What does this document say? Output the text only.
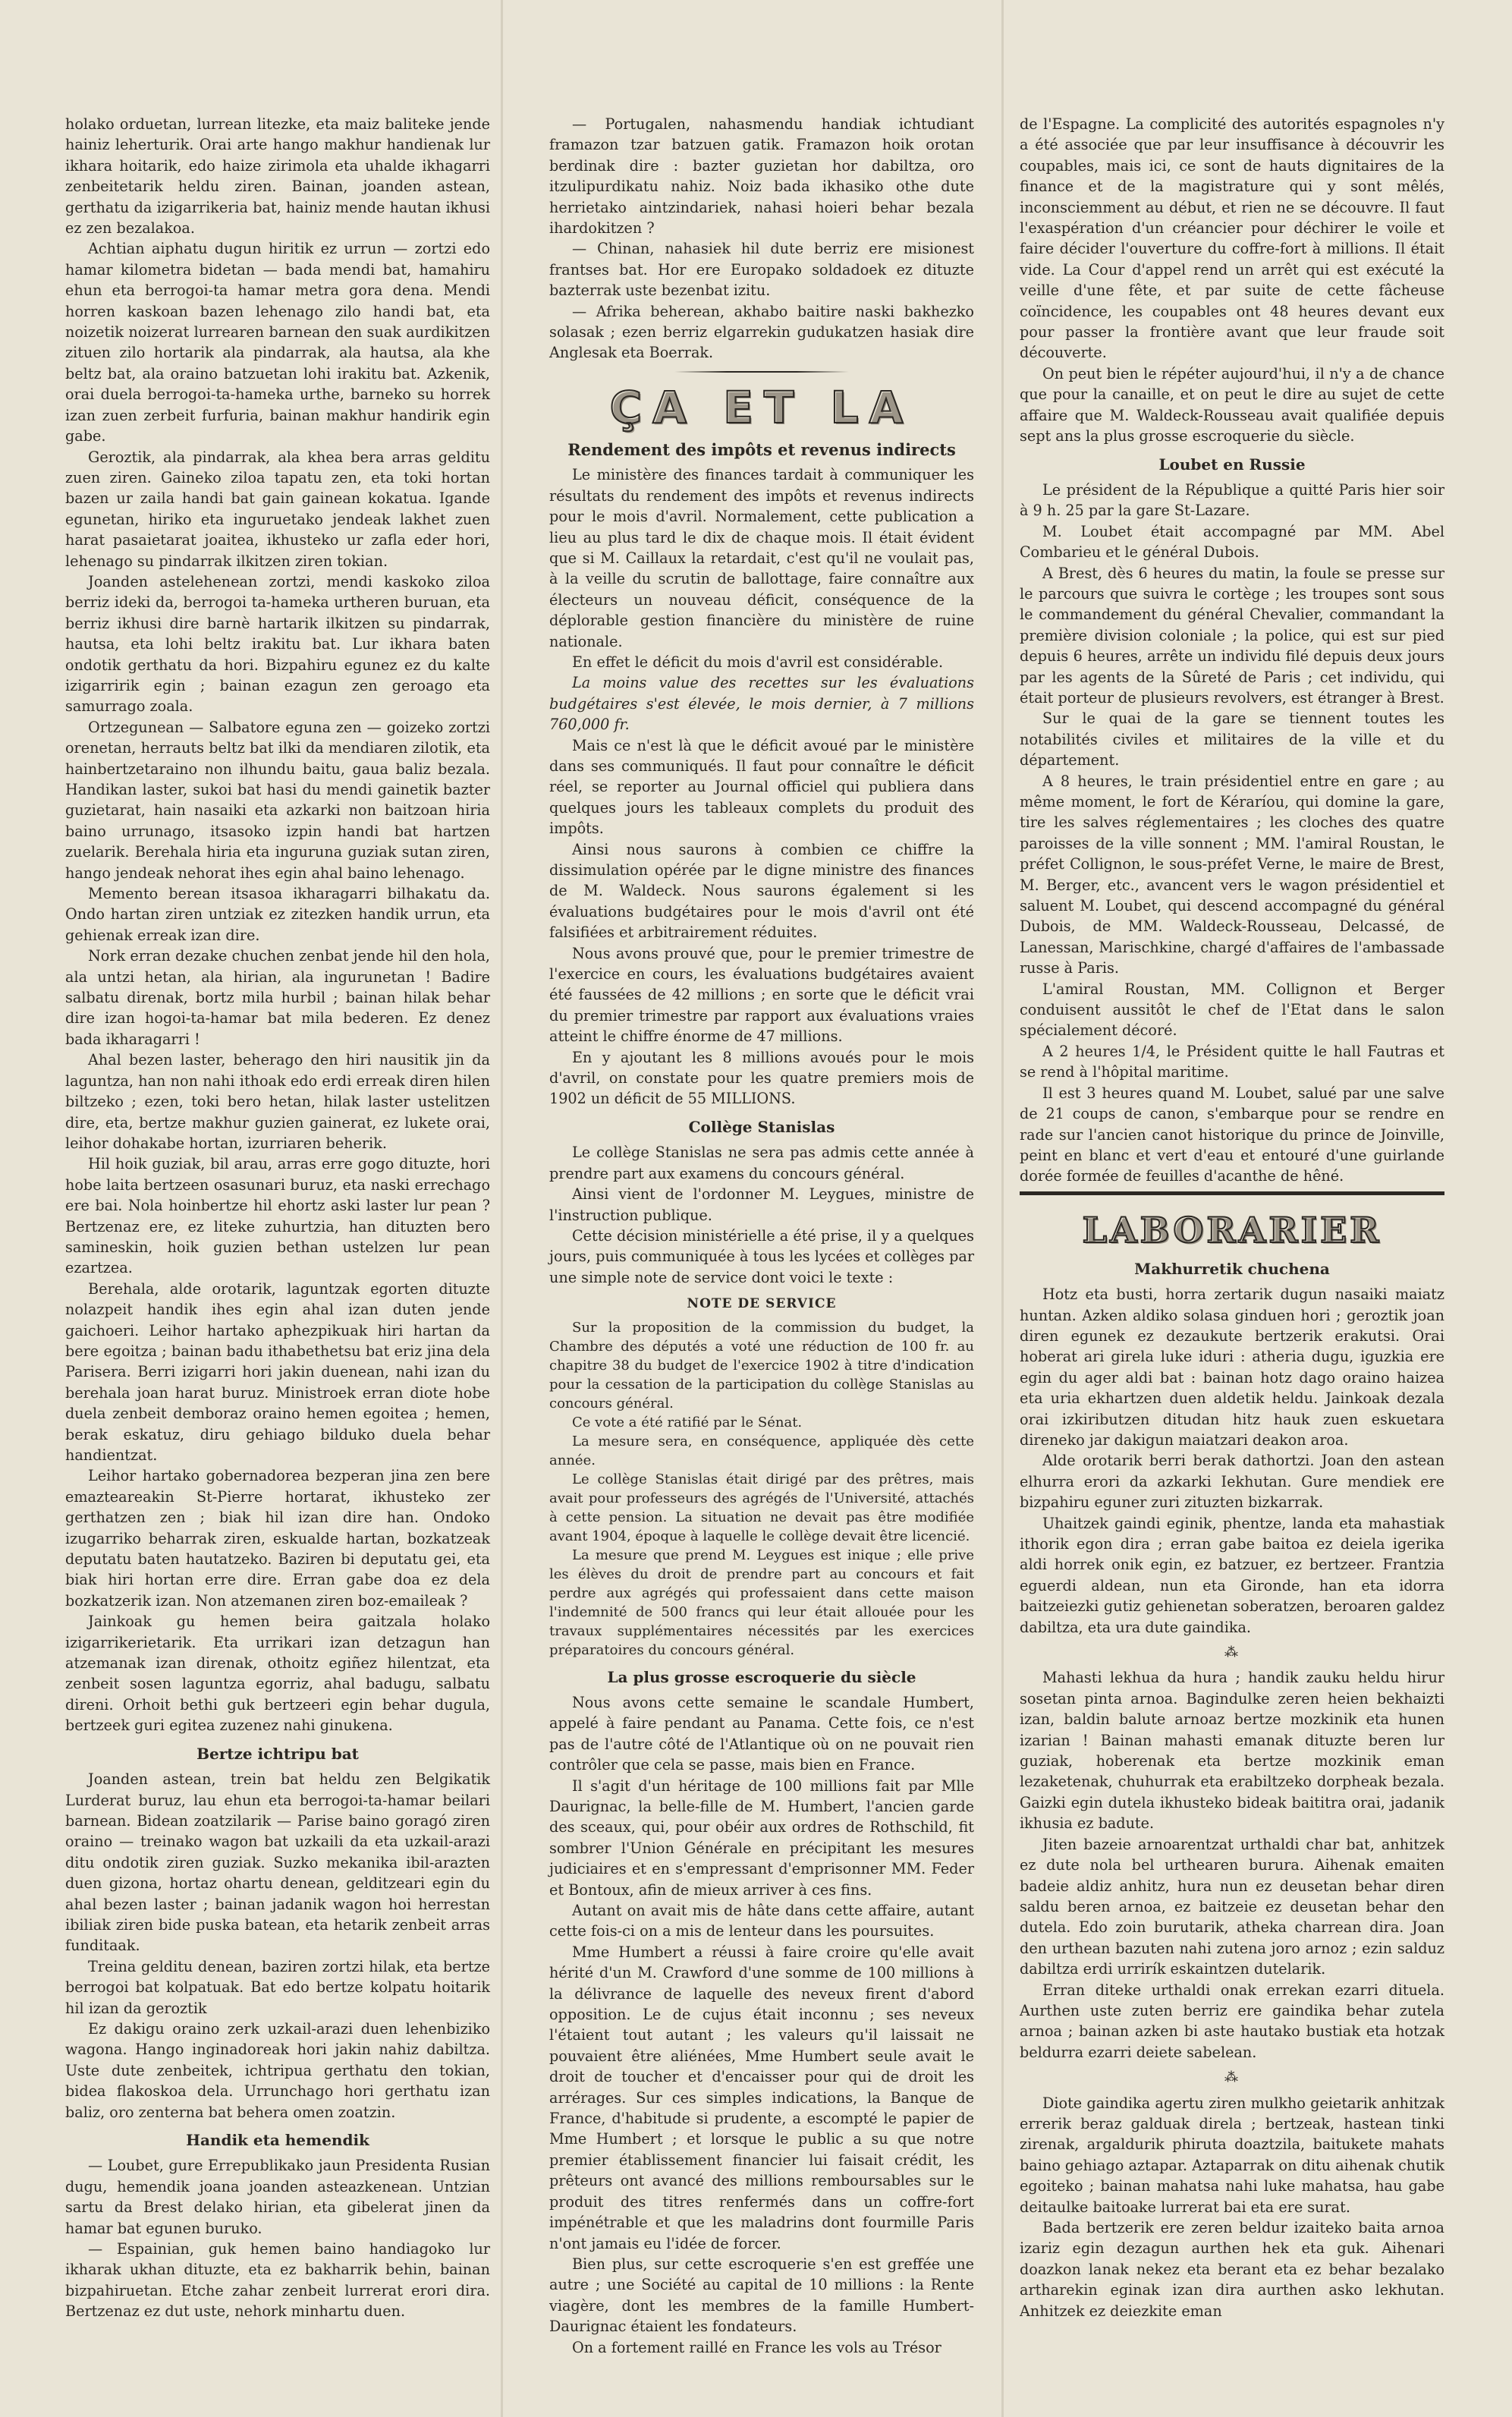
holako orduetan, lurrean litezke, eta maiz baliteke jende hainiz leherturik. Orai arte hango makhur handienak lur ikhara hoitarik, edo haize zirimola eta uhalde ikhagarri zenbeitetarik heldu ziren. Bainan, joanden astean, gerthatu da izigarrikeria bat, hainiz mende hautan ikhusi ez zen bezalakoa.

Achtian aiphatu dugun hiritik ez urrun — zortzi edo hamar kilometra bidetan — bada mendi bat, hamahiru ehun eta berrogoi-ta hamar metra gora dena. Mendi horren kaskoan bazen lehenago zilo handi bat, eta noizetik noizerat lurrearen barnean den suak aurdikitzen zituen zilo hortarik ala pindarrak, ala hautsa, ala khe beltz bat, ala oraino batzuetan lohi irakitu bat. Azkenik, orai duela berrogoi-ta-hameka urthe, barneko su horrek izan zuen zerbeit furfuria, bainan makhur handirik egin gabe.

Geroztik, ala pindarrak, ala khea bera arras gelditu zuen ziren. Gaineko ziloa tapatu zen, eta toki hortan bazen ur zaila handi bat gain gainean kokatua. Igande egunetan, hiriko eta inguruetako jendeak lakhet zuen harat pasaietarat joaitea, ikhusteko ur zafla eder hori, lehenago su pindarrak ilkitzen ziren tokian.

Joanden astelehenean zortzi, mendi kaskoko ziloa berriz ideki da, berrogoi ta-hameka urtheren buruan, eta berriz ikhusi dire barnè hartarik ilkitzen su pindarrak, hautsa, eta lohi beltz irakitu bat. Lur ikhara baten ondotik gerthatu da hori. Bizpahiru egunez ez du kalte izigarririk egin ; bainan ezagun zen geroago eta samurrago zoala.

Ortzegunean — Salbatore eguna zen — goizeko zortzi orenetan, herrauts beltz bat ilki da mendiaren zilotik, eta hainbertzetaraino non ilhundu baitu, gaua baliz bezala. Handikan laster, sukoi bat hasi du mendi gainetik bazter guzietarat, hain nasaiki eta azkarki non baitzoan hiria baino urrunago, itsasoko izpin handi bat hartzen zuelarik. Berehala hiria eta inguruna guziak sutan ziren, hango jendeak nehorat ihes egin ahal baino lehenago.

Memento berean itsasoa ikharagarri bilhakatu da. Ondo hartan ziren untziak ez zitezken handik urrun, eta gehienak erreak izan dire.

Nork erran dezake chuchen zenbat jende hil den hola, ala untzi hetan, ala hirian, ala ingurunetan ! Badire salbatu direnak, bortz mila hurbil ; bainan hilak behar dire izan hogoi-ta-hamar bat mila bederen. Ez denez bada ikharagarri !

Ahal bezen laster, beherago den hiri nausitik jin da laguntza, han non nahi ithoak edo erdi erreak diren hilen biltzeko ; ezen, toki bero hetan, hilak laster ustelitzen dire, eta, bertze makhur guzien gainerat, ez lukete orai, leihor dohakabe hortan, izurriaren beherik.

Hil hoik guziak, bil arau, arras erre gogo dituzte, hori hobe laita bertzeen osasunari buruz, eta naski errechago ere bai. Nola hoinbertze hil ehortz aski laster lur pean ? Bertzenaz ere, ez liteke zuhurtzia, han dituzten bero samineskin, hoik guzien bethan ustelzen lur pean ezartzea.

Berehala, alde orotarik, laguntzak egorten dituzte nolazpeit handik ihes egin ahal izan duten jende gaichoeri. Leihor hartako aphezpikuak hiri hartan da bere egoitza ; bainan badu ithabethetsu bat eriz jina dela Parisera. Berri izigarri hori jakin duenean, nahi izan du berehala joan harat buruz. Ministroek erran diote hobe duela zenbeit demboraz oraino hemen egoitea ; hemen, berak eskatuz, diru gehiago bilduko duela behar handientzat.

Leihor hartako gobernadorea bezperan jina zen bere emazteareakin St-Pierre hortarat, ikhusteko zer gerthatzen zen ; biak hil izan dire han. Ondoko izugarriko beharrak ziren, eskualde hartan, bozkatzeak deputatu baten hautatzeko. Baziren bi deputatu gei, eta biak hiri hortan erre dire. Erran gabe doa ez dela bozkatzerik izan. Non atzemanen ziren boz-emaileak ?

Jainkoak gu hemen beira gaitzala holako izigarrikerietarik. Eta urrikari izan detzagun han atzemanak izan direnak, othoitz egiñez hilentzat, eta zenbeit sosen laguntza egorriz, ahal badugu, salbatu direni. Orhoit bethi guk bertzeeri egin behar dugula, bertzeek guri egitea zuzenez nahi ginukena.

Bertze ichtripu bat

Joanden astean, trein bat heldu zen Belgikatik Lurderat buruz, lau ehun eta berrogoi-ta-hamar beilari barnean. Bidean zoatzilarik — Parise baino goragó ziren oraino — treinako wagon bat uzkaili da eta uzkail-arazi ditu ondotik ziren guziak. Suzko mekanika ibil-arazten duen gizona, hortaz ohartu denean, gelditzeari egin du ahal bezen laster ; bainan jadanik wagon hoi herrestan ibiliak ziren bide puska batean, eta hetarik zenbeit arras funditaak.

Treina gelditu denean, baziren zortzi hilak, eta bertze berrogoi bat kolpatuak. Bat edo bertze kolpatu hoitarik hil izan da geroztik

Ez dakigu oraino zerk uzkail-arazi duen lehenbiziko wagona. Hango inginadoreak hori jakin nahiz dabiltza. Uste dute zenbeitek, ichtripua gerthatu den tokian, bidea flakoskoa dela. Urrunchago hori gerthatu izan baliz, oro zenterna bat behera omen zoatzin.

Handik eta hemendik

— Loubet, gure Errepublikako jaun Presidenta Rusian dugu, hemendik joana joanden asteazkenean. Untzian sartu da Brest delako hirian, eta gibelerat jinen da hamar bat egunen buruko.

— Espainian, guk hemen baino handiagoko lur ikharak ukhan dituzte, eta ez bakharrik behin, bainan bizpahiruetan. Etche zahar zenbeit lurrerat erori dira. Bertzenaz ez dut uste, nehork minhartu duen.

— Portugalen, nahasmendu handiak ichtudiant framazon tzar batzuen gatik. Framazon hoik orotan berdinak dire : bazter guzietan hor dabiltza, oro itzulipurdikatu nahiz. Noiz bada ikhasiko othe dute herrietako aintzindariek, nahasi hoieri behar bezala ihardokitzen ?

— Chinan, nahasiek hil dute berriz ere misionest frantses bat. Hor ere Europako soldadoek ez dituzte bazterrak uste bezenbat izitu.

— Afrika beherean, akhabo baitire naski bakhezko solasak ; ezen berriz elgarrekin gudukatzen hasiak dire Anglesak eta Boerrak.

ÇA ET LA
Rendement des impôts et revenus indirects

Le ministère des finances tardait à communiquer les résultats du rendement des impôts et revenus indirects pour le mois d'avril. Normalement, cette publication a lieu au plus tard le dix de chaque mois. Il était évident que si M. Caillaux la retardait, c'est qu'il ne voulait pas, à la veille du scrutin de ballottage, faire connaître aux électeurs un nouveau déficit, conséquence de la déplorable gestion financière du ministère de ruine nationale.

En effet le déficit du mois d'avril est considérable.

La moins value des recettes sur les évaluations budgétaires s'est élevée, le mois dernier, à 7 millions 760,000 fr.

Mais ce n'est là que le déficit avoué par le ministère dans ses communiqués. Il faut pour connaître le déficit réel, se reporter au Journal officiel qui publiera dans quelques jours les tableaux complets du produit des impôts.

Ainsi nous saurons à combien ce chiffre la dissimulation opérée par le digne ministre des finances de M. Waldeck. Nous saurons également si les évaluations budgétaires pour le mois d'avril ont été falsifiées et arbitrairement réduites.

Nous avons prouvé que, pour le premier trimestre de l'exercice en cours, les évaluations budgétaires avaient été faussées de 42 millions ; en sorte que le déficit vrai du premier trimestre par rapport aux évaluations vraies atteint le chiffre énorme de 47 millions.

En y ajoutant les 8 millions avoués pour le mois d'avril, on constate pour les quatre premiers mois de 1902 un déficit de 55 MILLIONS.

Collège Stanislas

Le collège Stanislas ne sera pas admis cette année à prendre part aux examens du concours général.

Ainsi vient de l'ordonner M. Leygues, ministre de l'instruction publique.

Cette décision ministérielle a été prise, il y a quelques jours, puis communiquée à tous les lycées et collèges par une simple note de service dont voici le texte :

NOTE DE SERVICE

Sur la proposition de la commission du budget, la Chambre des députés a voté une réduction de 100 fr. au chapitre 38 du budget de l'exercice 1902 à titre d'indication pour la cessation de la participation du collège Stanislas au concours général.

Ce vote a été ratifié par le Sénat.

La mesure sera, en conséquence, appliquée dès cette année.

Le collège Stanislas était dirigé par des prêtres, mais avait pour professeurs des agrégés de l'Université, attachés à cette pension. La situation ne devait pas être modifiée avant 1904, époque à laquelle le collège devait être licencié.

La mesure que prend M. Leygues est inique ; elle prive les élèves du droit de prendre part au concours et fait perdre aux agrégés qui professaient dans cette maison l'indemnité de 500 francs qui leur était allouée pour les travaux supplémentaires nécessités par les exercices préparatoires du concours général.

La plus grosse escroquerie du siècle

Nous avons cette semaine le scandale Humbert, appelé à faire pendant au Panama. Cette fois, ce n'est pas de l'autre côté de l'Atlantique où on ne pouvait rien contrôler que cela se passe, mais bien en France.

Il s'agit d'un héritage de 100 millions fait par Mlle Daurignac, la belle-fille de M. Humbert, l'ancien garde des sceaux, qui, pour obéir aux ordres de Rothschild, fit sombrer l'Union Générale en précipitant les mesures judiciaires et en s'empressant d'emprisonner MM. Feder et Bontoux, afin de mieux arriver à ces fins.

Autant on avait mis de hâte dans cette affaire, autant cette fois-ci on a mis de lenteur dans les poursuites.

Mme Humbert a réussi à faire croire qu'elle avait hérité d'un M. Crawford d'une somme de 100 millions à la délivrance de laquelle des neveux firent d'abord opposition. Le de cujus était inconnu ; ses neveux l'étaient tout autant ; les valeurs qu'il laissait ne pouvaient être aliénées, Mme Humbert seule avait le droit de toucher et d'encaisser pour qui de droit les arrérages. Sur ces simples indications, la Banque de France, d'habitude si prudente, a escompté le papier de Mme Humbert ; et lorsque le public a su que notre premier établissement financier lui faisait crédit, les prêteurs ont avancé des millions remboursables sur le produit des titres renfermés dans un coffre-fort impénétrable et que les maladrins dont fourmille Paris n'ont jamais eu l'idée de forcer.

Bien plus, sur cette escroquerie s'en est greffée une autre ; une Société au capital de 10 millions : la Rente viagère, dont les membres de la famille Humbert-Daurignac étaient les fondateurs.

On a fortement raillé en France les vols au Trésor

de l'Espagne. La complicité des autorités espagnoles n'y a été associée que par leur insuffisance à découvrir les coupables, mais ici, ce sont de hauts dignitaires de la finance et de la magistrature qui y sont mêlés, inconsciemment au début, et rien ne se découvre. Il faut l'exaspération d'un créancier pour déchirer le voile et faire décider l'ouverture du coffre-fort à millions. Il était vide. La Cour d'appel rend un arrêt qui est exécuté la veille d'une fête, et par suite de cette fâcheuse coïncidence, les coupables ont 48 heures devant eux pour passer la frontière avant que leur fraude soit découverte.

On peut bien le répéter aujourd'hui, il n'y a de chance que pour la canaille, et on peut le dire au sujet de cette affaire que M. Waldeck-Rousseau avait qualifiée depuis sept ans la plus grosse escroquerie du siècle.

Loubet en Russie

Le président de la République a quitté Paris hier soir à 9 h. 25 par la gare St-Lazare.

M. Loubet était accompagné par MM. Abel Combarieu et le général Dubois.

A Brest, dès 6 heures du matin, la foule se presse sur le parcours que suivra le cortège ; les troupes sont sous le commandement du général Chevalier, commandant la première division coloniale ; la police, qui est sur pied depuis 6 heures, arrête un individu filé depuis deux jours par les agents de la Sûreté de Paris ; cet individu, qui était porteur de plusieurs revolvers, est étranger à Brest.

Sur le quai de la gare se tiennent toutes les notabilités civiles et militaires de la ville et du département.

A 8 heures, le train présidentiel entre en gare ; au même moment, le fort de Kéraríou, qui domine la gare, tire les salves réglementaires ; les cloches des quatre paroisses de la ville sonnent ; MM. l'amiral Roustan, le préfet Collignon, le sous-préfet Verne, le maire de Brest, M. Berger, etc., avancent vers le wagon présidentiel et saluent M. Loubet, qui descend accompagné du général Dubois, de MM. Waldeck-Rousseau, Delcassé, de Lanessan, Marischkine, chargé d'affaires de l'ambassade russe à Paris.

L'amiral Roustan, MM. Collignon et Berger conduisent aussitôt le chef de l'Etat dans le salon spécialement décoré.

A 2 heures 1/4, le Président quitte le hall Fautras et se rend à l'hôpital maritime.

Il est 3 heures quand M. Loubet, salué par une salve de 21 coups de canon, s'embarque pour se rendre en rade sur l'ancien canot historique du prince de Joinville, peint en blanc et vert d'eau et entouré d'une guirlande dorée formée de feuilles d'acanthe de hêné.

LABORARIER
Makhurretik chuchena

Hotz eta busti, horra zertarik dugun nasaiki maiatz huntan. Azken aldiko solasa ginduen hori ; geroztik joan diren egunek ez dezaukute bertzerik erakutsi. Orai hoberat ari girela luke iduri : atheria dugu, iguzkia ere egin du ager aldi bat : bainan hotz dago oraino haizea eta uria ekhartzen duen aldetik heldu. Jainkoak dezala orai izkiributzen ditudan hitz hauk zuen eskuetara direneko jar dakigun maiatzari deakon aroa.

Alde orotarik berri berak dathortzi. Joan den astean elhurra erori da azkarki Iekhutan. Gure mendiek ere bizpahiru eguner zuri zituzten bizkarrak.

Uhaitzek gaindi eginik, phentze, landa eta mahastiak ithorik egon dira ; erran gabe baitoa ez deiela igerika aldi horrek onik egin, ez batzuer, ez bertzeer. Frantzia eguerdi aldean, nun eta Gironde, han eta idorra baitzeiezki gutiz gehienetan soberatzen, beroaren galdez dabiltza, eta ura dute gaindika.

⁂

Mahasti lekhua da hura ; handik zauku heldu hirur sosetan pinta arnoa. Bagindulke zeren heien bekhaizti izan, baldin balute arnoaz bertze mozkinik eta hunen izarian ! Bainan mahasti emanak dituzte beren lur guziak, hoberenak eta bertze mozkinik eman lezaketenak, chuhurrak eta erabiltzeko dorpheak bezala. Gaizki egin dutela ikhusteko bideak baititra orai, jadanik ikhusia ez badute.

Jiten bazeie arnoarentzat urthaldi char bat, anhitzek ez dute nola bel urthearen burura. Aihenak emaiten badeie aldiz anhitz, hura nun ez deusetan behar diren saldu beren arnoa, ez baitzeie ez deusetan behar den dutela. Edo zoin burutarik, atheka charrean dira. Joan den urthean bazuten nahi zutena joro arnoz ; ezin salduz dabiltza erdi urrirík eskaintzen dutelarik.

Erran diteke urthaldi onak errekan ezarri dituela. Aurthen uste zuten berriz ere gaindika behar zutela arnoa ; bainan azken bi aste hautako bustiak eta hotzak beldurra ezarri deiete sabelean.

⁂

Diote gaindika agertu ziren mulkho geietarik anhitzak errerik beraz galduak direla ; bertzeak, hastean tinki zirenak, argaldurik phiruta doaztzila, baitukete mahats baino gehiago aztapar. Aztaparrak on ditu aihenak chutik egoiteko ; bainan mahatsa nahi luke mahatsa, hau gabe deitaulke baitoake lurrerat bai eta ere surat.

Bada bertzerik ere zeren beldur izaiteko baita arnoa izariz egin dezagun aurthen hek eta guk. Aihenari doazkon lanak nekez eta berant eta ez behar bezalako artharekin eginak izan dira aurthen asko lekhutan. Anhitzek ez deiezkite eman
